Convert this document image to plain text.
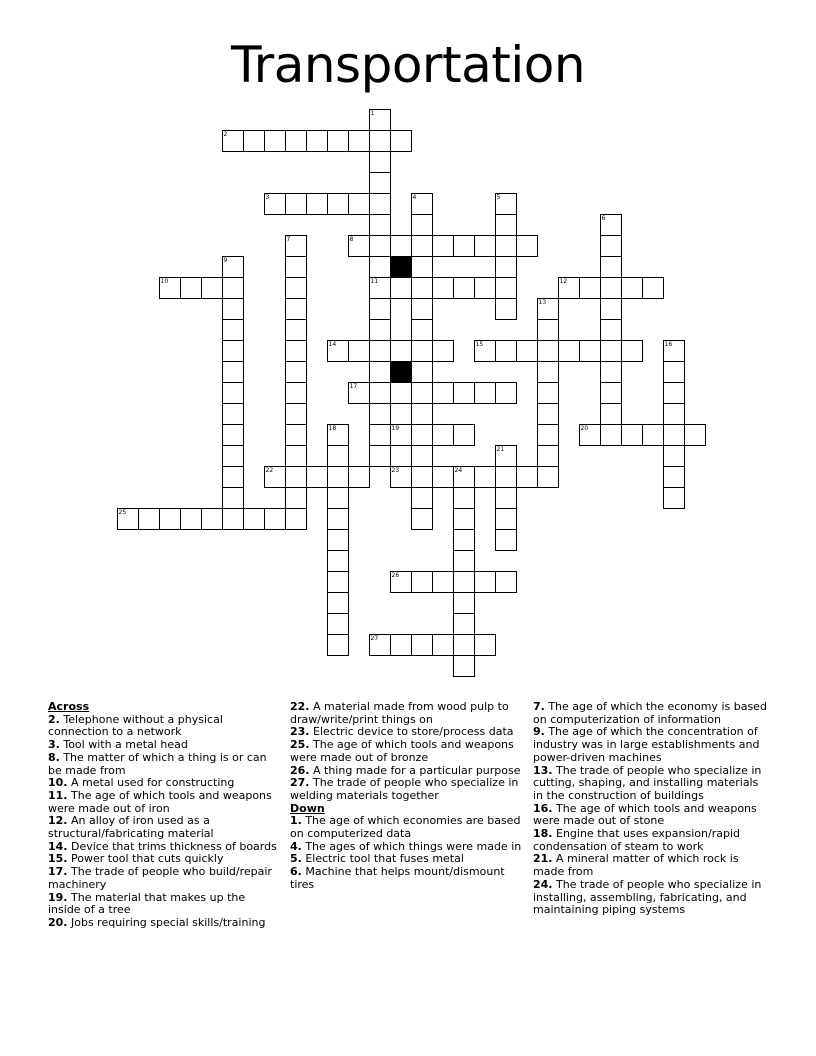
Transportation
1
11
2
3	4	5
6
7	8
9
10	12
13
14	15	16
17
18	19	20
21
22	23	24
25
26
27
Across
2. Telephone without a physical connection to a network
3. Tool with a metal head
8. The matter of which a thing is or can be made from
10. A metal used for constructing
11. The age of which tools and weapons were made out of iron
12. An alloy of iron used as a structural/fabricating material
14. Device that trims thickness of boards
15. Power tool that cuts quickly
17. The trade of people who build/repair machinery
19. The material that makes up the inside of a tree
20. Jobs requiring special skills/training
22. A material made from wood pulp to draw/write/print things on
23. Electric device to store/process data
25. The age of which tools and weapons were made out of bronze
26. A thing made for a particular purpose
27. The trade of people who specialize in welding materials together
Down
1. The age of which economies are based on computerized data
4. The ages of which things were made in
5. Electric tool that fuses metal
6. Machine that helps mount/dismount tires
7. The age of which the economy is based on computerization of information
9. The age of which the concentration of industry was in large establishments and power-driven machines
13. The trade of people who specialize in cutting, shaping, and installing materials in the construction of buildings
16. The age of which tools and weapons were made out of stone
18. Engine that uses expansion/rapid condensation of steam to work
21. A mineral matter of which rock is made from
24. The trade of people who specialize in installing, assembling, fabricating, and maintaining piping systems
